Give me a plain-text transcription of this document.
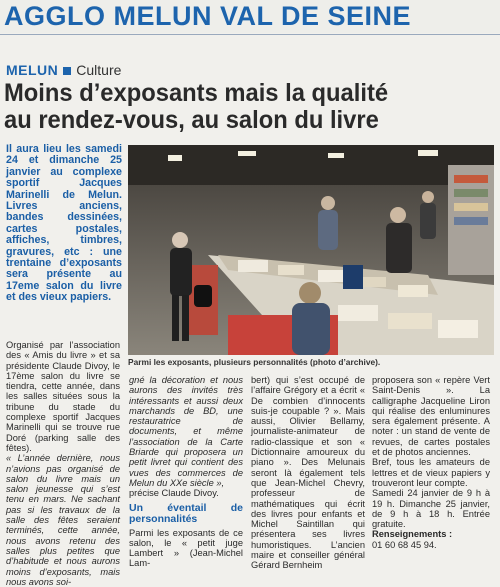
AGGLO MELUN VAL DE SEINE
MELUN Culture
Moins d’exposants mais la qualité
au rendez-vous, au salon du livre
Il aura lieu les samedi 24 et dimanche 25 janvier au complexe sportif Jacques Marinelli de Melun. Livres anciens, bandes dessinées, cartes postales, affiches, timbres, gravures, etc : une trentaine d’exposants sera présente au 17eme salon du livre et des vieux papiers.
Parmi les exposants, plusieurs personnalités (photo d’archive).

Organisé par l’association des « Amis du livre » et sa présidente Claude Divoy, le 17ème salon du livre se tiendra, cette année, dans les salles situées sous la tribune du stade du complexe sportif Jacques Marinelli qui se trouve rue Doré (parking salle des fêtes).

« L’année dernière, nous n’avions pas organisé de salon du livre mais un salon jeunesse qui s’est tenu en mars. Ne sachant pas si les travaux de la salle des fêtes seraient terminés, cette année, nous avons retenu des salles plus petites que d’habitude et nous aurons moins d’exposants, mais nous avons soi-

gné la décoration et nous aurons des invités très intéressants et aussi deux marchands de BD, une restauratrice de documents, et même l’association de la Carte Briarde qui proposera un petit livret qui contient des vues des commerces de Melun du XXe siècle »,

précise Claude Divoy.

Un éventail de personnalités

Parmi les exposants de ce salon, le « petit juge Lambert » (Jean-Michel Lam-

bert) qui s’est occupé de l’affaire Grégory et a écrit « De combien d’innocents suis-je coupable ? ». Mais aussi, Olivier Bellamy, journaliste-animateur de radio-classique et son « Dictionnaire amoureux du piano ». Des Melunais seront là également tels que Jean-Michel Chevry, professeur de mathématiques qui écrit des livres pour enfants et Michel Saintillan qui présentera ses livres humoristiques. L’ancien maire et conseiller général Gérard Bernheim

proposera son « repère Vert Saint-Denis ». La calligraphe Jacqueline Liron qui réalise des enluminures sera également présente. A noter : un stand de vente de revues, de cartes postales et de photos anciennes.

Bref, tous les amateurs de lettres et de vieux papiers y trouveront leur compte.

Samedi 24 janvier de 9 h à 19 h. Dimanche 25 janvier, de 9 h à 18 h. Entrée gratuite.

Renseignements :
01 60 68 45 94.
